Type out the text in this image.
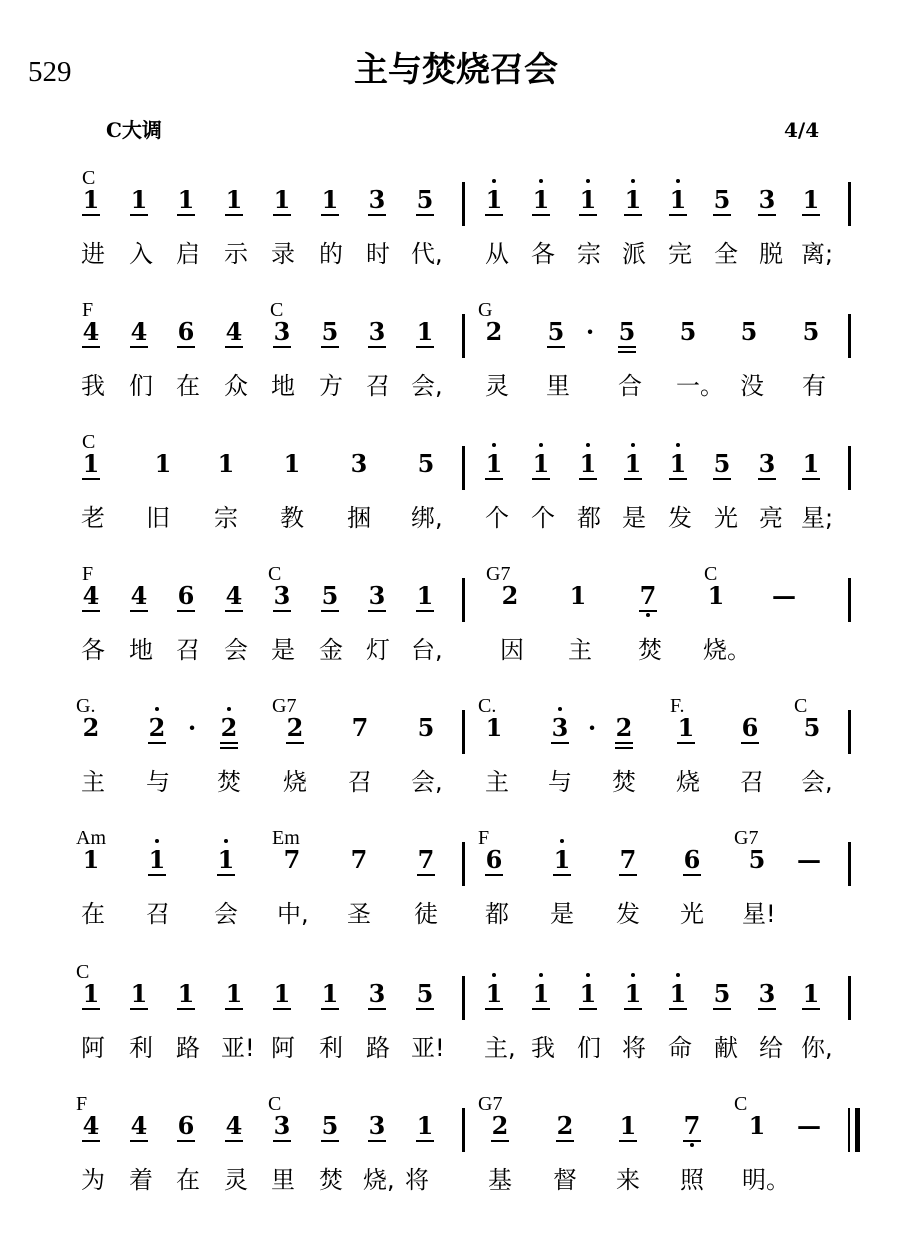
529	主与焚烧召会
C大调	4/4
C
1 1 1 1 1 1 3 5 1 1 1 1 1 5 3 1
进 入 启 示 录 的 时 代, 从 各 宗 派 完 全 脱 离;
F	C	G
4 4 6 4 3 5 3 1 2 5 ·	5 5 5 5
我 们 在 众 地 方 召 会, 灵 里 合 一。 没 有
C
1 1 1 1 3 5 1 1 1 1 1 5 3 1
老 旧 宗 教 捆 绑, 个 个 都 是 发 光 亮 星;
F	C	G7	C
4 4 6 4 3 5 3 1	2 1 7 1 —
各 地 召 会 是 金 灯 台, 因 主 焚 烧。
G.	G7	C.	F.	C
2 2 ·	2 2 7 5 1 3 · 2 1 6 5
主 与 焚 烧 召 会, 主 与 焚 烧 召 会,
Am	Em	F	G7
1 1 1 7 7 7 6 1 7 6 5 —
在 召 会 中, 圣 徒 都 是 发 光 星!
C
1 1 1 1 1 1 3 5 1 1 1 1 1 5 3 1
阿 利 路 亚! 阿 利 路 亚! 主, 我 们 将 命 献 给 你,
F	C	G7	C
4 4 6 4 3 5 3 1 2 2 1 7 1 —
为 着 在 灵 里 焚 烧, 将 基 督 来 照 明。
